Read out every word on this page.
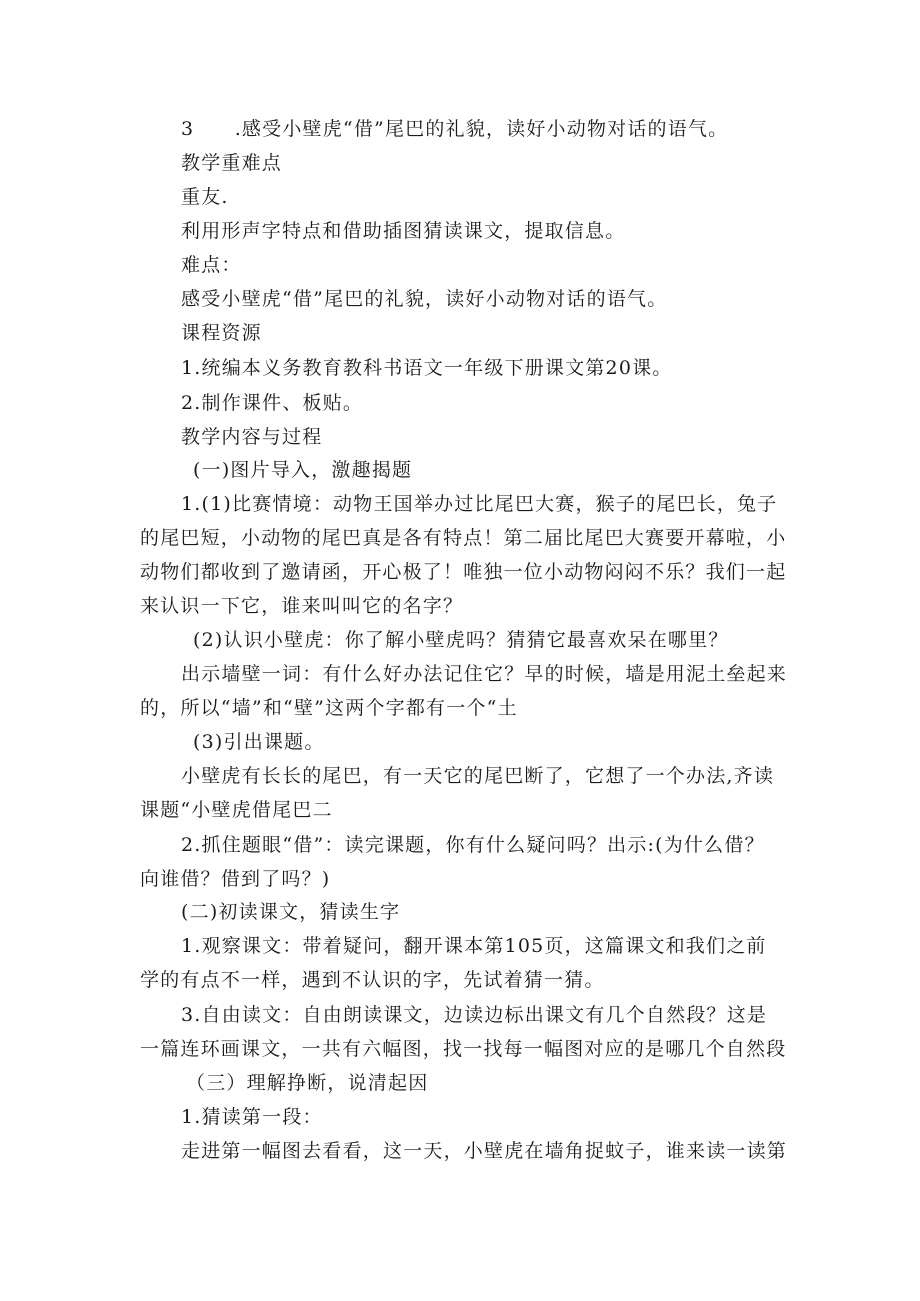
3　　.感受小壁虎“借”尾巴的礼貌，读好小动物对话的语气。
教学重难点
重友.
利用形声字特点和借助插图猜读课文，提取信息。
难点：
感受小壁虎“借”尾巴的礼貌，读好小动物对话的语气。
课程资源
1.统编本义务教育教科书语文一年级下册课文第20课。
2.制作课件、板贴。
教学内容与过程
(一)图片导入，激趣揭题
1.(1)比赛情境：动物王国举办过比尾巴大赛，猴子的尾巴长，兔子
的尾巴短，小动物的尾巴真是各有特点！第二届比尾巴大赛要开幕啦，小
动物们都收到了邀请函，开心极了！唯独一位小动物闷闷不乐？我们一起
来认识一下它，谁来叫叫它的名字？
(2)认识小壁虎：你了解小壁虎吗？猜猜它最喜欢呆在哪里？
出示墙壁一词：有什么好办法记住它？早的时候，墙是用泥土垒起来
的，所以“墙”和“壁”这两个字都有一个“土
(3)引出课题。
小壁虎有长长的尾巴，有一天它的尾巴断了，它想了一个办法,齐读
课题“小壁虎借尾巴二
2.抓住题眼“借”：读完课题，你有什么疑问吗？出示:(为什么借？
向谁借？借到了吗？)
(二)初读课文，猜读生字
1.观察课文：带着疑问，翻开课本第105页，这篇课文和我们之前
学的有点不一样，遇到不认识的字，先试着猜一猜。
3.自由读文：自由朗读课文，边读边标出课文有几个自然段？这是
一篇连环画课文，一共有六幅图，找一找每一幅图对应的是哪几个自然段
（三）理解挣断，说清起因
1.猜读第一段：
走进第一幅图去看看，这一天，小壁虎在墙角捉蚊子，谁来读一读第
